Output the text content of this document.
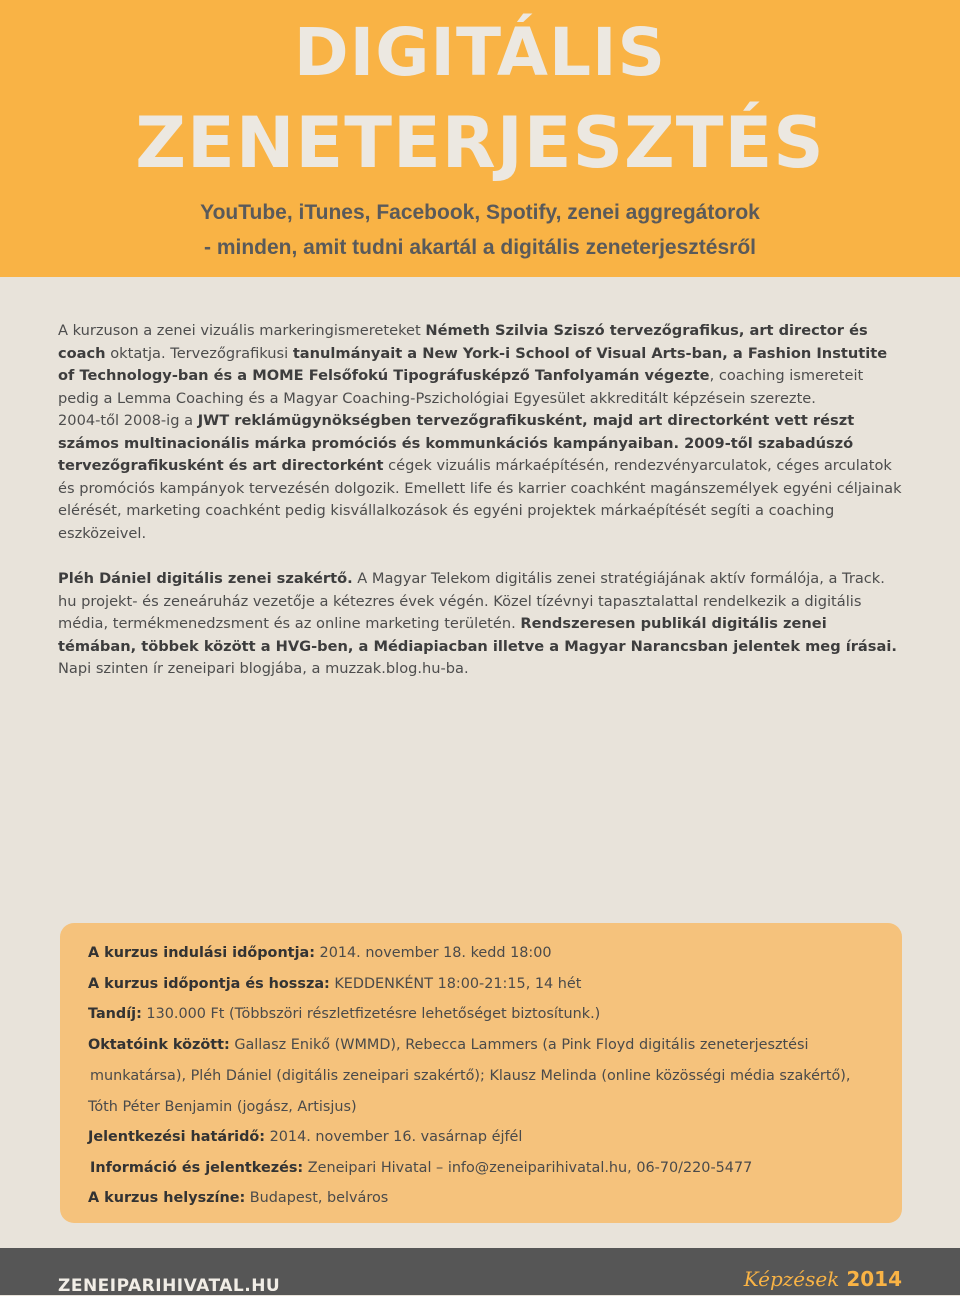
DIGITÁLIS
ZENETERJESZTÉS

YouTube, iTunes, Facebook, Spotify, zenei aggregátorok

- minden, amit tudni akartál a digitális zeneterjesztésről

A kurzuson a zenei vizuális markeringismereteket Németh Szilvia Sziszó tervezőgrafikus, art director és coach oktatja. Tervezőgrafikusi tanulmányait a New York-i School of Visual Arts-ban, a Fashion Instutite of Technology-ban és a MOME Felsőfokú Tipográfusképző Tanfolyamán végezte, coaching ismereteit pedig a Lemma Coaching és a Magyar Coaching-Pszichológiai Egyesület akkreditált képzésein szerezte.
2004-től 2008-ig a JWT reklámügynökségben tervezőgrafikusként, majd art directorként vett részt számos multinacionális márka promóciós és kommunkációs kampányaiban. 2009-től szabadúszó tervezőgrafikusként és art directorként cégek vizuális márkaépítésén, rendezvényarculatok, céges arculatok és promóciós kampányok tervezésén dolgozik. Emellett life és karrier coachként magánszemélyek egyéni céljainak elérését, marketing coachként pedig kisvállalkozások és egyéni projektek márkaépítését segíti a coaching eszközeivel.

Pléh Dániel digitális zenei szakértő. A Magyar Telekom digitális zenei stratégiájának aktív formálója, a Track. hu projekt- és zeneáruház vezetője a kétezres évek végén. Közel tízévnyi tapasztalattal rendelkezik a digitális média, termékmenedzsment és az online marketing területén. Rendszeresen publikál digitális zenei témában, többek között a HVG-ben, a Médiapiacban illetve a Magyar Narancsban jelentek meg írásai. Napi szinten ír zeneipari blogjába, a muzzak.blog.hu-ba.

A kurzus indulási időpontja: 2014. november 18. kedd 18:00
A kurzus időpontja és hossza: KEDDENKÉNT 18:00-21:15, 14 hét
Tandíj: 130.000 Ft (Többszöri részletfizetésre lehetőséget biztosítunk.)
Oktatóink között: Gallasz Enikő (WMMD), Rebecca Lammers (a Pink Floyd digitális zeneterjesztési
munkatársa), Pléh Dániel (digitális zeneipari szakértő); Klausz Melinda (online közösségi média szakértő),
Tóth Péter Benjamin (jogász, Artisjus)
Jelentkezési határidő: 2014. november 16. vasárnap éjfél
Információ és jelentkezés: Zeneipari Hivatal – info@zeneiparihivatal.hu, 06-70/220-5477
A kurzus helyszíne: Budapest, belváros
ZENEIPARIHIVATAL.HU	Képzések 2014
